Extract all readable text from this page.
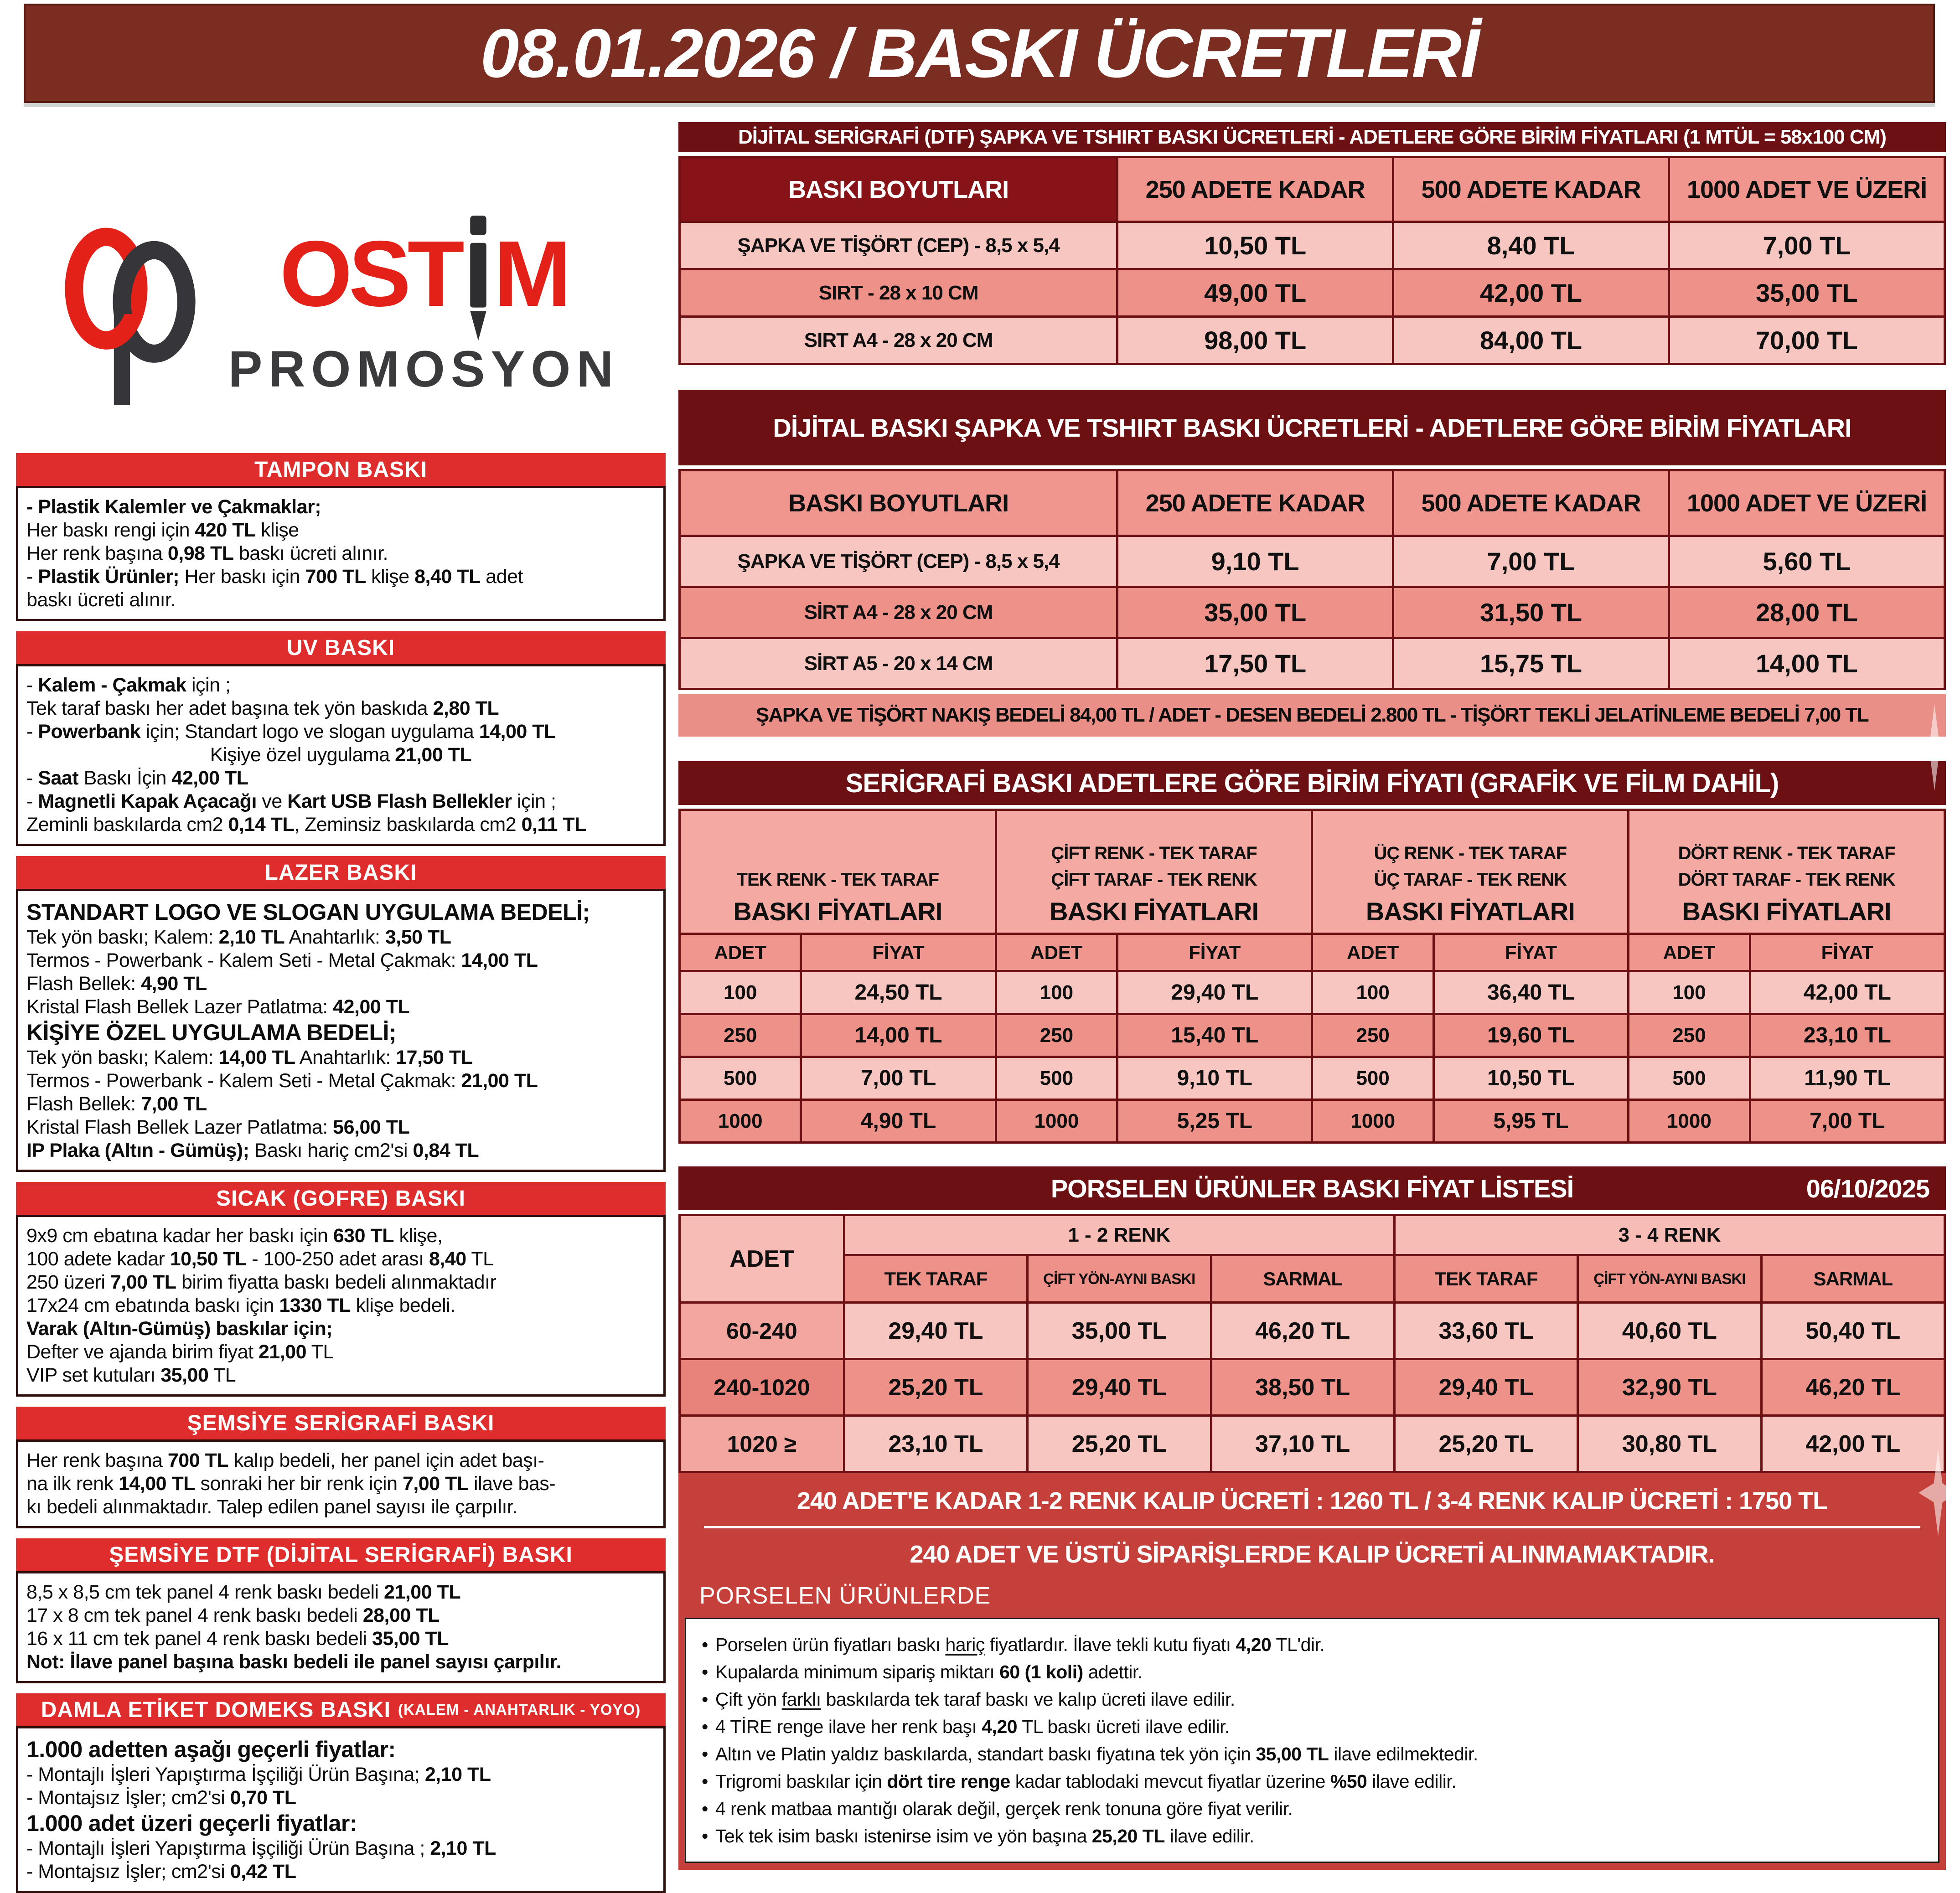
08.01.2026 / BASKI ÜCRETLERİ
OST M
PROMOSYON
TAMPON BASKI
- Plastik Kalemler ve Çakmaklar;
Her baskı rengi için 420 TL klişe
Her renk başına 0,98 TL baskı ücreti alınır.
- Plastik Ürünler; Her baskı için 700 TL klişe 8,40 TL adet
baskı ücreti alınır.
UV BASKI
- Kalem - Çakmak için ;
Tek taraf baskı her adet başına tek yön baskıda 2,80 TL
- Powerbank için; Standart logo ve slogan uygulama 14,00 TL
Kişiye özel uygulama 21,00 TL
- Saat Baskı İçin 42,00 TL
- Magnetli Kapak Açacağı ve Kart USB Flash Bellekler için ;
Zeminli baskılarda cm2 0,14 TL, Zeminsiz baskılarda cm2 0,11 TL
LAZER BASKI
STANDART LOGO VE SLOGAN UYGULAMA BEDELİ;
Tek yön baskı; Kalem: 2,10 TL Anahtarlık: 3,50 TL
Termos - Powerbank - Kalem Seti - Metal Çakmak: 14,00 TL
Flash Bellek: 4,90 TL
Kristal Flash Bellek Lazer Patlatma: 42,00 TL
KİŞİYE ÖZEL UYGULAMA BEDELİ;
Tek yön baskı; Kalem: 14,00 TL Anahtarlık: 17,50 TL
Termos - Powerbank - Kalem Seti - Metal Çakmak: 21,00 TL
Flash Bellek: 7,00 TL
Kristal Flash Bellek Lazer Patlatma: 56,00 TL
IP Plaka (Altın - Gümüş); Baskı hariç cm2'si 0,84 TL
SICAK (GOFRE) BASKI
9x9 cm ebatına kadar her baskı için 630 TL klişe,
100 adete kadar 10,50 TL - 100-250 adet arası 8,40 TL
250 üzeri 7,00 TL birim fiyatta baskı bedeli alınmaktadır
17x24 cm ebatında baskı için 1330 TL klişe bedeli.
Varak (Altın-Gümüş) baskılar için;
Defter ve ajanda birim fiyat 21,00 TL
VIP set kutuları 35,00 TL
ŞEMSİYE SERİGRAFİ BASKI
Her renk başına 700 TL kalıp bedeli, her panel için adet başı-
na ilk renk 14,00 TL sonraki her bir renk için 7,00 TL ilave bas-
kı bedeli alınmaktadır. Talep edilen panel sayısı ile çarpılır.
ŞEMSİYE DTF (DİJİTAL SERİGRAFİ) BASKI
8,5 x 8,5 cm tek panel 4 renk baskı bedeli 21,00 TL
17 x 8 cm tek panel 4 renk baskı bedeli 28,00 TL
16 x 11 cm tek panel 4 renk baskı bedeli 35,00 TL
Not: İlave panel başına baskı bedeli ile panel sayısı çarpılır.
DAMLA ETİKET DOMEKS BASKI (KALEM - ANAHTARLIK - YOYO)
1.000 adetten aşağı geçerli fiyatlar:
- Montajlı İşleri Yapıştırma İşçiliği Ürün Başına; 2,10 TL
- Montajsız İşler; cm2'si 0,70 TL
1.000 adet üzeri geçerli fiyatlar:
- Montajlı İşleri Yapıştırma İşçiliği Ürün Başına ; 2,10 TL
- Montajsız İşler; cm2'si 0,42 TL
DİJİTAL SERİGRAFİ (DTF) ŞAPKA VE TSHIRT BASKI ÜCRETLERİ - ADETLERE GÖRE BİRİM FİYATLARI (1 MTÜL = 58x100 CM)
BASKI BOYUTLARI	250 ADETE KADAR	500 ADETE KADAR	1000 ADET VE ÜZERİ
ŞAPKA VE TİŞÖRT (CEP) - 8,5 x 5,4	10,50 TL	8,40 TL	7,00 TL
SIRT - 28 x 10 CM	49,00 TL	42,00 TL	35,00 TL
SIRT A4 - 28 x 20 CM	98,00 TL	84,00 TL	70,00 TL
DİJİTAL BASKI ŞAPKA VE TSHIRT BASKI ÜCRETLERİ - ADETLERE GÖRE BİRİM FİYATLARI
BASKI BOYUTLARI	250 ADETE KADAR	500 ADETE KADAR	1000 ADET VE ÜZERİ
ŞAPKA VE TİŞÖRT (CEP) - 8,5 x 5,4	9,10 TL	7,00 TL	5,60 TL
SİRT A4 - 28 x 20 CM	35,00 TL	31,50 TL	28,00 TL
SİRT A5 - 20 x 14 CM	17,50 TL	15,75 TL	14,00 TL
ŞAPKA VE TİŞÖRT NAKIŞ BEDELİ 84,00 TL / ADET - DESEN BEDELİ 2.800 TL - TİŞÖRT TEKLİ JELATİNLEME BEDELİ 7,00 TL
SERİGRAFİ BASKI ADETLERE GÖRE BİRİM FİYATI (GRAFİK VE FİLM DAHİL)
TEK RENK - TEK TARAF
BASKI FİYATLARI

ÇİFT RENK - TEK TARAF
ÇİFT TARAF - TEK RENK
BASKI FİYATLARI

ÜÇ RENK - TEK TARAF
ÜÇ TARAF - TEK RENK
BASKI FİYATLARI

DÖRT RENK - TEK TARAF
DÖRT TARAF - TEK RENK
BASKI FİYATLARI

ADET	FİYAT	ADET	FİYAT	ADET	FİYAT	ADET	FİYAT
100	24,50 TL	100	29,40 TL	100	36,40 TL	100	42,00 TL
250	14,00 TL	250	15,40 TL	250	19,60 TL	250	23,10 TL
500	7,00 TL	500	9,10 TL	500	10,50 TL	500	11,90 TL
1000	4,90 TL	1000	5,25 TL	1000	5,95 TL	1000	7,00 TL
PORSELEN ÜRÜNLER BASKI FİYAT LİSTESİ	06/10/2025
ADET	1 - 2 RENK			3 - 4 RENK		
	TEK TARAF	ÇİFT YÖN-AYNI BASKI	SARMAL	TEK TARAF	ÇİFT YÖN-AYNI BASKI	SARMAL
60-240	29,40 TL	35,00 TL	46,20 TL	33,60 TL	40,60 TL	50,40 TL
240-1020	25,20 TL	29,40 TL	38,50 TL	29,40 TL	32,90 TL	46,20 TL
1020 ≥	23,10 TL	25,20 TL	37,10 TL	25,20 TL	30,80 TL	42,00 TL
240 ADET'E KADAR 1-2 RENK KALIP ÜCRETİ : 1260 TL / 3-4 RENK KALIP ÜCRETİ : 1750 TL
240 ADET VE ÜSTÜ SİPARİŞLERDE KALIP ÜCRETİ ALINMAMAKTADIR.
PORSELEN ÜRÜNLERDE
• Porselen ürün fiyatları baskı hariç fiyatlardır. İlave tekli kutu fiyatı 4,20 TL'dir.
• Kupalarda minimum sipariş miktarı 60 (1 koli) adettir.
• Çift yön farklı baskılarda tek taraf baskı ve kalıp ücreti ilave edilir.
• 4 TİRE renge ilave her renk başı 4,20 TL baskı ücreti ilave edilir.
• Altın ve Platin yaldız baskılarda, standart baskı fiyatına tek yön için 35,00 TL ilave edilmektedir.
• Trigromi baskılar için dört tire renge kadar tablodaki mevcut fiyatlar üzerine %50 ilave edilir.
• 4 renk matbaa mantığı olarak değil, gerçek renk tonuna göre fiyat verilir.
• Tek tek isim baskı istenirse isim ve yön başına 25,20 TL ilave edilir.
